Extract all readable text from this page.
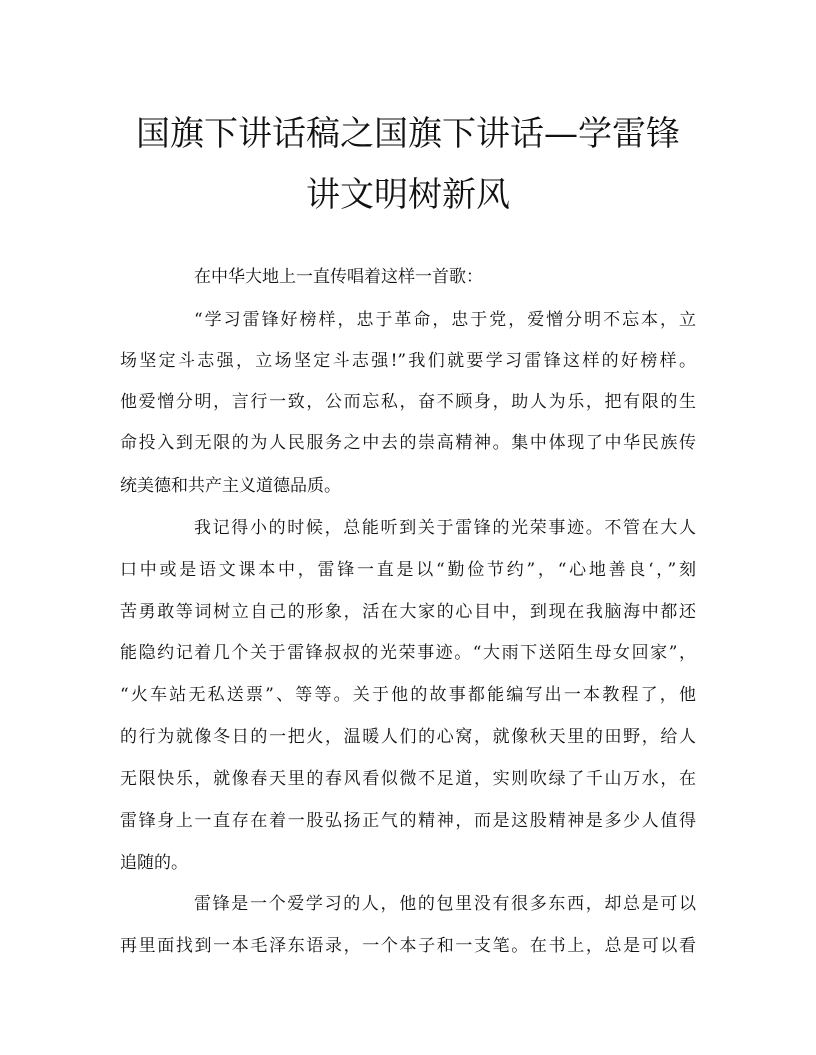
国旗下讲话稿之国旗下讲话—学雷锋
讲文明树新风
在中华大地上一直传唱着这样一首歌：
“学习雷锋好榜样，忠于革命，忠于党，爱憎分明不忘本，立
场坚定斗志强，立场坚定斗志强!”我们就要学习雷锋这样的好榜样。
他爱憎分明，言行一致，公而忘私，奋不顾身，助人为乐，把有限的生
命投入到无限的为人民服务之中去的崇高精神。集中体现了中华民族传
统美德和共产主义道德品质。
我记得小的时候，总能听到关于雷锋的光荣事迹。不管在大人
口中或是语文课本中，雷锋一直是以“勤俭节约”，“心地善良‘，”刻
苦勇敢等词树立自己的形象，活在大家的心目中，到现在我脑海中都还
能隐约记着几个关于雷锋叔叔的光荣事迹。“大雨下送陌生母女回家”，
“火车站无私送票”、等等。关于他的故事都能编写出一本教程了，他
的行为就像冬日的一把火，温暖人们的心窝，就像秋天里的田野，给人
无限快乐，就像春天里的春风看似微不足道，实则吹绿了千山万水，在
雷锋身上一直存在着一股弘扬正气的精神，而是这股精神是多少人值得
追随的。
雷锋是一个爱学习的人，他的包里没有很多东西，却总是可以
再里面找到一本毛泽东语录，一个本子和一支笔。在书上，总是可以看
